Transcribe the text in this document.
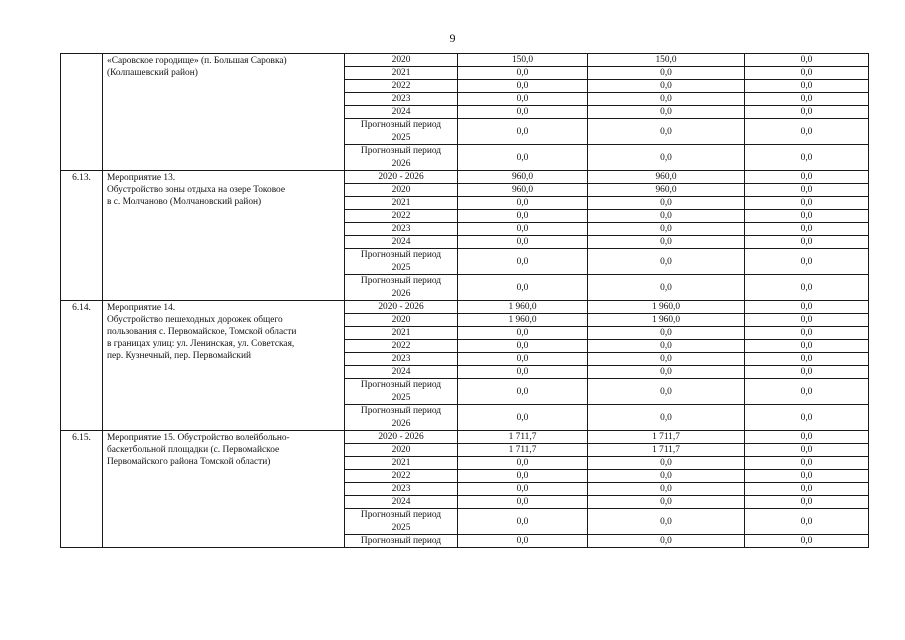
9

	«Саровское городище» (п. Большая Саровка)
(Колпашевский район)	2020	150,0	150,0	0,0	

		2021	0,0	0,0	0,0	

		2022	0,0	0,0	0,0	

		2023	0,0	0,0	0,0	

		2024	0,0	0,0	0,0	

		Прогнозный период
2025	0,0	0,0	0,0	

		Прогнозный период
2026	0,0	0,0	0,0	
6.13.	Мероприятие 13.
Обустройство зоны отдыха на озере Токовое
в с. Молчаново (Молчановский район)	2020 - 2026	960,0	960,0	0,0	

		2020	960,0	960,0	0,0	

		2021	0,0	0,0	0,0	

		2022	0,0	0,0	0,0	

		2023	0,0	0,0	0,0	

		2024	0,0	0,0	0,0	

		Прогнозный период
2025	0,0	0,0	0,0	

		Прогнозный период
2026	0,0	0,0	0,0	
6.14.	Мероприятие 14.
Обустройство пешеходных дорожек общего
пользования с. Первомайское, Томской области
в границах улиц: ул. Ленинская, ул. Советская,
пер. Кузнечный, пер. Первомайский	2020 - 2026	1 960,0	1 960,0	0,0	

		2020	1 960,0	1 960,0	0,0	

		2021	0,0	0,0	0,0	

		2022	0,0	0,0	0,0	

		2023	0,0	0,0	0,0	

		2024	0,0	0,0	0,0	

		Прогнозный период
2025	0,0	0,0	0,0	

		Прогнозный период
2026	0,0	0,0	0,0	
6.15.	Мероприятие 15. Обустройство волейбольно-
баскетбольной площадки (с. Первомайское
Первомайского района Томской области)	2020 - 2026	1 711,7	1 711,7	0,0	

		2020	1 711,7	1 711,7	0,0	

		2021	0,0	0,0	0,0	

		2022	0,0	0,0	0,0	

		2023	0,0	0,0	0,0	

		2024	0,0	0,0	0,0	

		Прогнозный период
2025	0,0	0,0	0,0	

		Прогнозный период	0,0	0,0	0,0	
